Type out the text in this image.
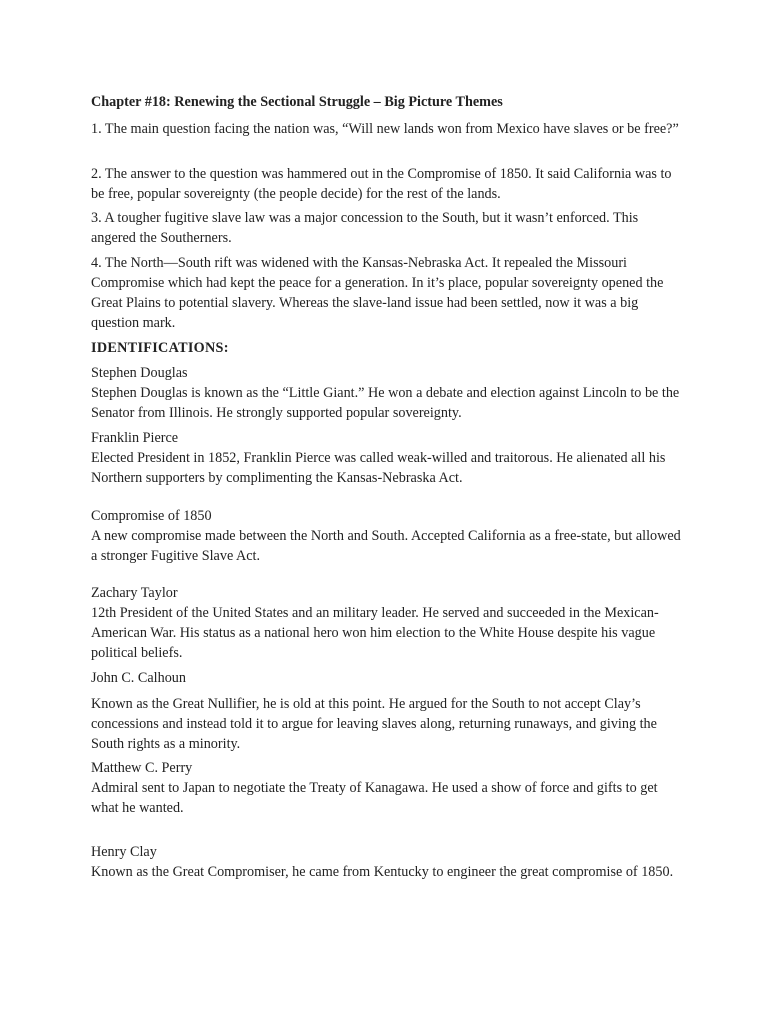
Chapter #18: Renewing the Sectional Struggle – Big Picture Themes

1. The main question facing the nation was, “Will new lands won from Mexico have slaves or be free?”

2. The answer to the question was hammered out in the Compromise of 1850. It said California was to be free, popular sovereignty (the people decide) for the rest of the lands.

3. A tougher fugitive slave law was a major concession to the South, but it wasn’t enforced. This angered the Southerners.

4. The North—South rift was widened with the Kansas-Nebraska Act. It repealed the Missouri Compromise which had kept the peace for a generation. In it’s place, popular sovereignty opened the Great Plains to potential slavery. Whereas the slave-land issue had been settled, now it was a big question mark.

IDENTIFICATIONS:
Stephen Douglas
Stephen Douglas is known as the “Little Giant.” He won a debate and election against Lincoln to be the Senator from Illinois. He strongly supported popular sovereignty.
Franklin Pierce
Elected President in 1852, Franklin Pierce was called weak-willed and traitorous. He alienated all his Northern supporters by complimenting the Kansas-Nebraska Act.
Compromise of 1850
A new compromise made between the North and South. Accepted California as a free-state, but allowed a stronger Fugitive Slave Act.
Zachary Taylor
12th President of the United States and an military leader. He served and succeeded in the Mexican-American War. His status as a national hero won him election to the White House despite his vague political beliefs.
John C. Calhoun
Known as the Great Nullifier, he is old at this point. He argued for the South to not accept Clay’s concessions and instead told it to argue for leaving slaves along, returning runaways, and giving the South rights as a minority.
Matthew C. Perry
Admiral sent to Japan to negotiate the Treaty of Kanagawa. He used a show of force and gifts to get what he wanted.
Henry Clay
Known as the Great Compromiser, he came from Kentucky to engineer the great compromise of 1850.
